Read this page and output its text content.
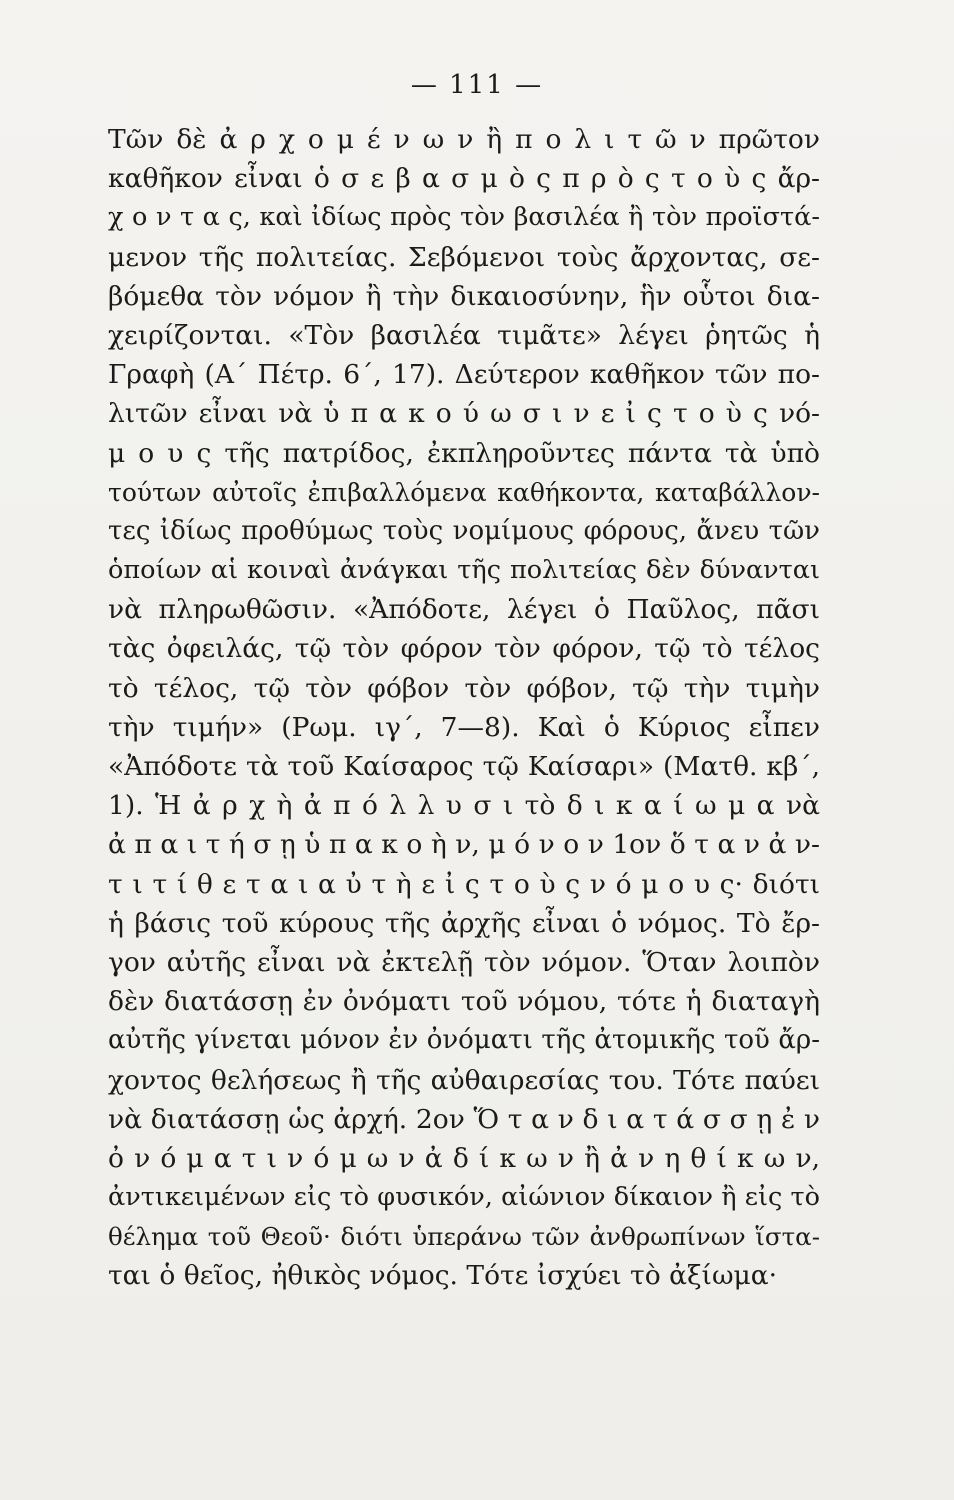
— 111 —
Τῶν δὲ ἀ ρ χ ο μ έ ν ω ν ἢ π ο λ ι τ ῶ ν πρῶτον
καθῆκον εἶναι ὁ σ ε β α σ μ ὸ ς π ρ ὸ ς τ ο ὺ ς ἄρ-
χ ο ν τ α ς, καὶ ἰδίως πρὸς τὸν βασιλέα ἢ τὸν προϊστά-
μενον τῆς πολιτείας. Σεβόμενοι τοὺς ἄρχοντας, σε-
βόμεθα τὸν νόμον ἢ τὴν δικαιοσύνην, ἣν οὗτοι δια-
χειρίζονται. «Τὸν βασιλέα τιμᾶτε» λέγει ῥητῶς ἡ
Γραφὴ (Α΄ Πέτρ. 6΄, 17). Δεύτερον καθῆκον τῶν πο-
λιτῶν εἶναι νὰ ὑ π α κ ο ύ ω σ ι ν ε ἰ ς τ ο ὺ ς νό-
μ ο υ ς τῆς πατρίδος, ἐκπληροῦντες πάντα τὰ ὑπὸ
τούτων αὐτοῖς ἐπιβαλλόμενα καθήκοντα, καταβάλλον-
τες ἰδίως προθύμως τοὺς νομίμους φόρους, ἄνευ τῶν
ὁποίων αἱ κοιναὶ ἀνάγκαι τῆς πολιτείας δὲν δύνανται
νὰ πληρωθῶσιν. «Ἀπόδοτε, λέγει ὁ Παῦλος, πᾶσι
τὰς ὀφειλάς, τῷ τὸν φόρον τὸν φόρον, τῷ τὸ τέλος
τὸ τέλος, τῷ τὸν φόβον τὸν φόβον, τῷ τὴν τιμὴν
τὴν τιμήν» (Ρωμ. ιγ΄, 7—8). Καὶ ὁ Κύριος εἶπεν
«Ἀπόδοτε τὰ τοῦ Καίσαρος τῷ Καίσαρι» (Ματθ. κβ΄,
1). Ἡ ἀ ρ χ ὴ ἀ π ό λ λ υ σ ι τὸ δ ι κ α ί ω μ α νὰ
ἀ π α ι τ ή σ ῃ ὑ π α κ ο ὴ ν, μ ό ν ο ν 1ον ὅ τ α ν ἀ ν-
τ ι τ ί θ ε τ α ι α ὐ τ ὴ ε ἰ ς τ ο ὺ ς ν ό μ ο υ ς· διότι
ἡ βάσις τοῦ κύρους τῆς ἀρχῆς εἶναι ὁ νόμος. Τὸ ἔρ-
γον αὐτῆς εἶναι νὰ ἐκτελῇ τὸν νόμον. Ὅταν λοιπὸν
δὲν διατάσσῃ ἐν ὀνόματι τοῦ νόμου, τότε ἡ διαταγὴ
αὐτῆς γίνεται μόνον ἐν ὀνόματι τῆς ἀτομικῆς τοῦ ἄρ-
χοντος θελήσεως ἢ τῆς αὐθαιρεσίας του. Τότε παύει
νὰ διατάσσῃ ὡς ἀρχή. 2ον Ὅ τ α ν δ ι α τ ά σ σ ῃ ἐ ν
ὀ ν ό μ α τ ι ν ό μ ω ν ἀ δ ί κ ω ν ἢ ἀ ν η θ ί κ ω ν,
ἀντικειμένων εἰς τὸ φυσικόν, αἰώνιον δίκαιον ἢ εἰς τὸ
θέλημα τοῦ Θεοῦ· διότι ὑπεράνω τῶν ἀνθρωπίνων ἵστα-
ται ὁ θεῖος, ἠθικὸς νόμος. Τότε ἰσχύει τὸ ἀξίωμα·
